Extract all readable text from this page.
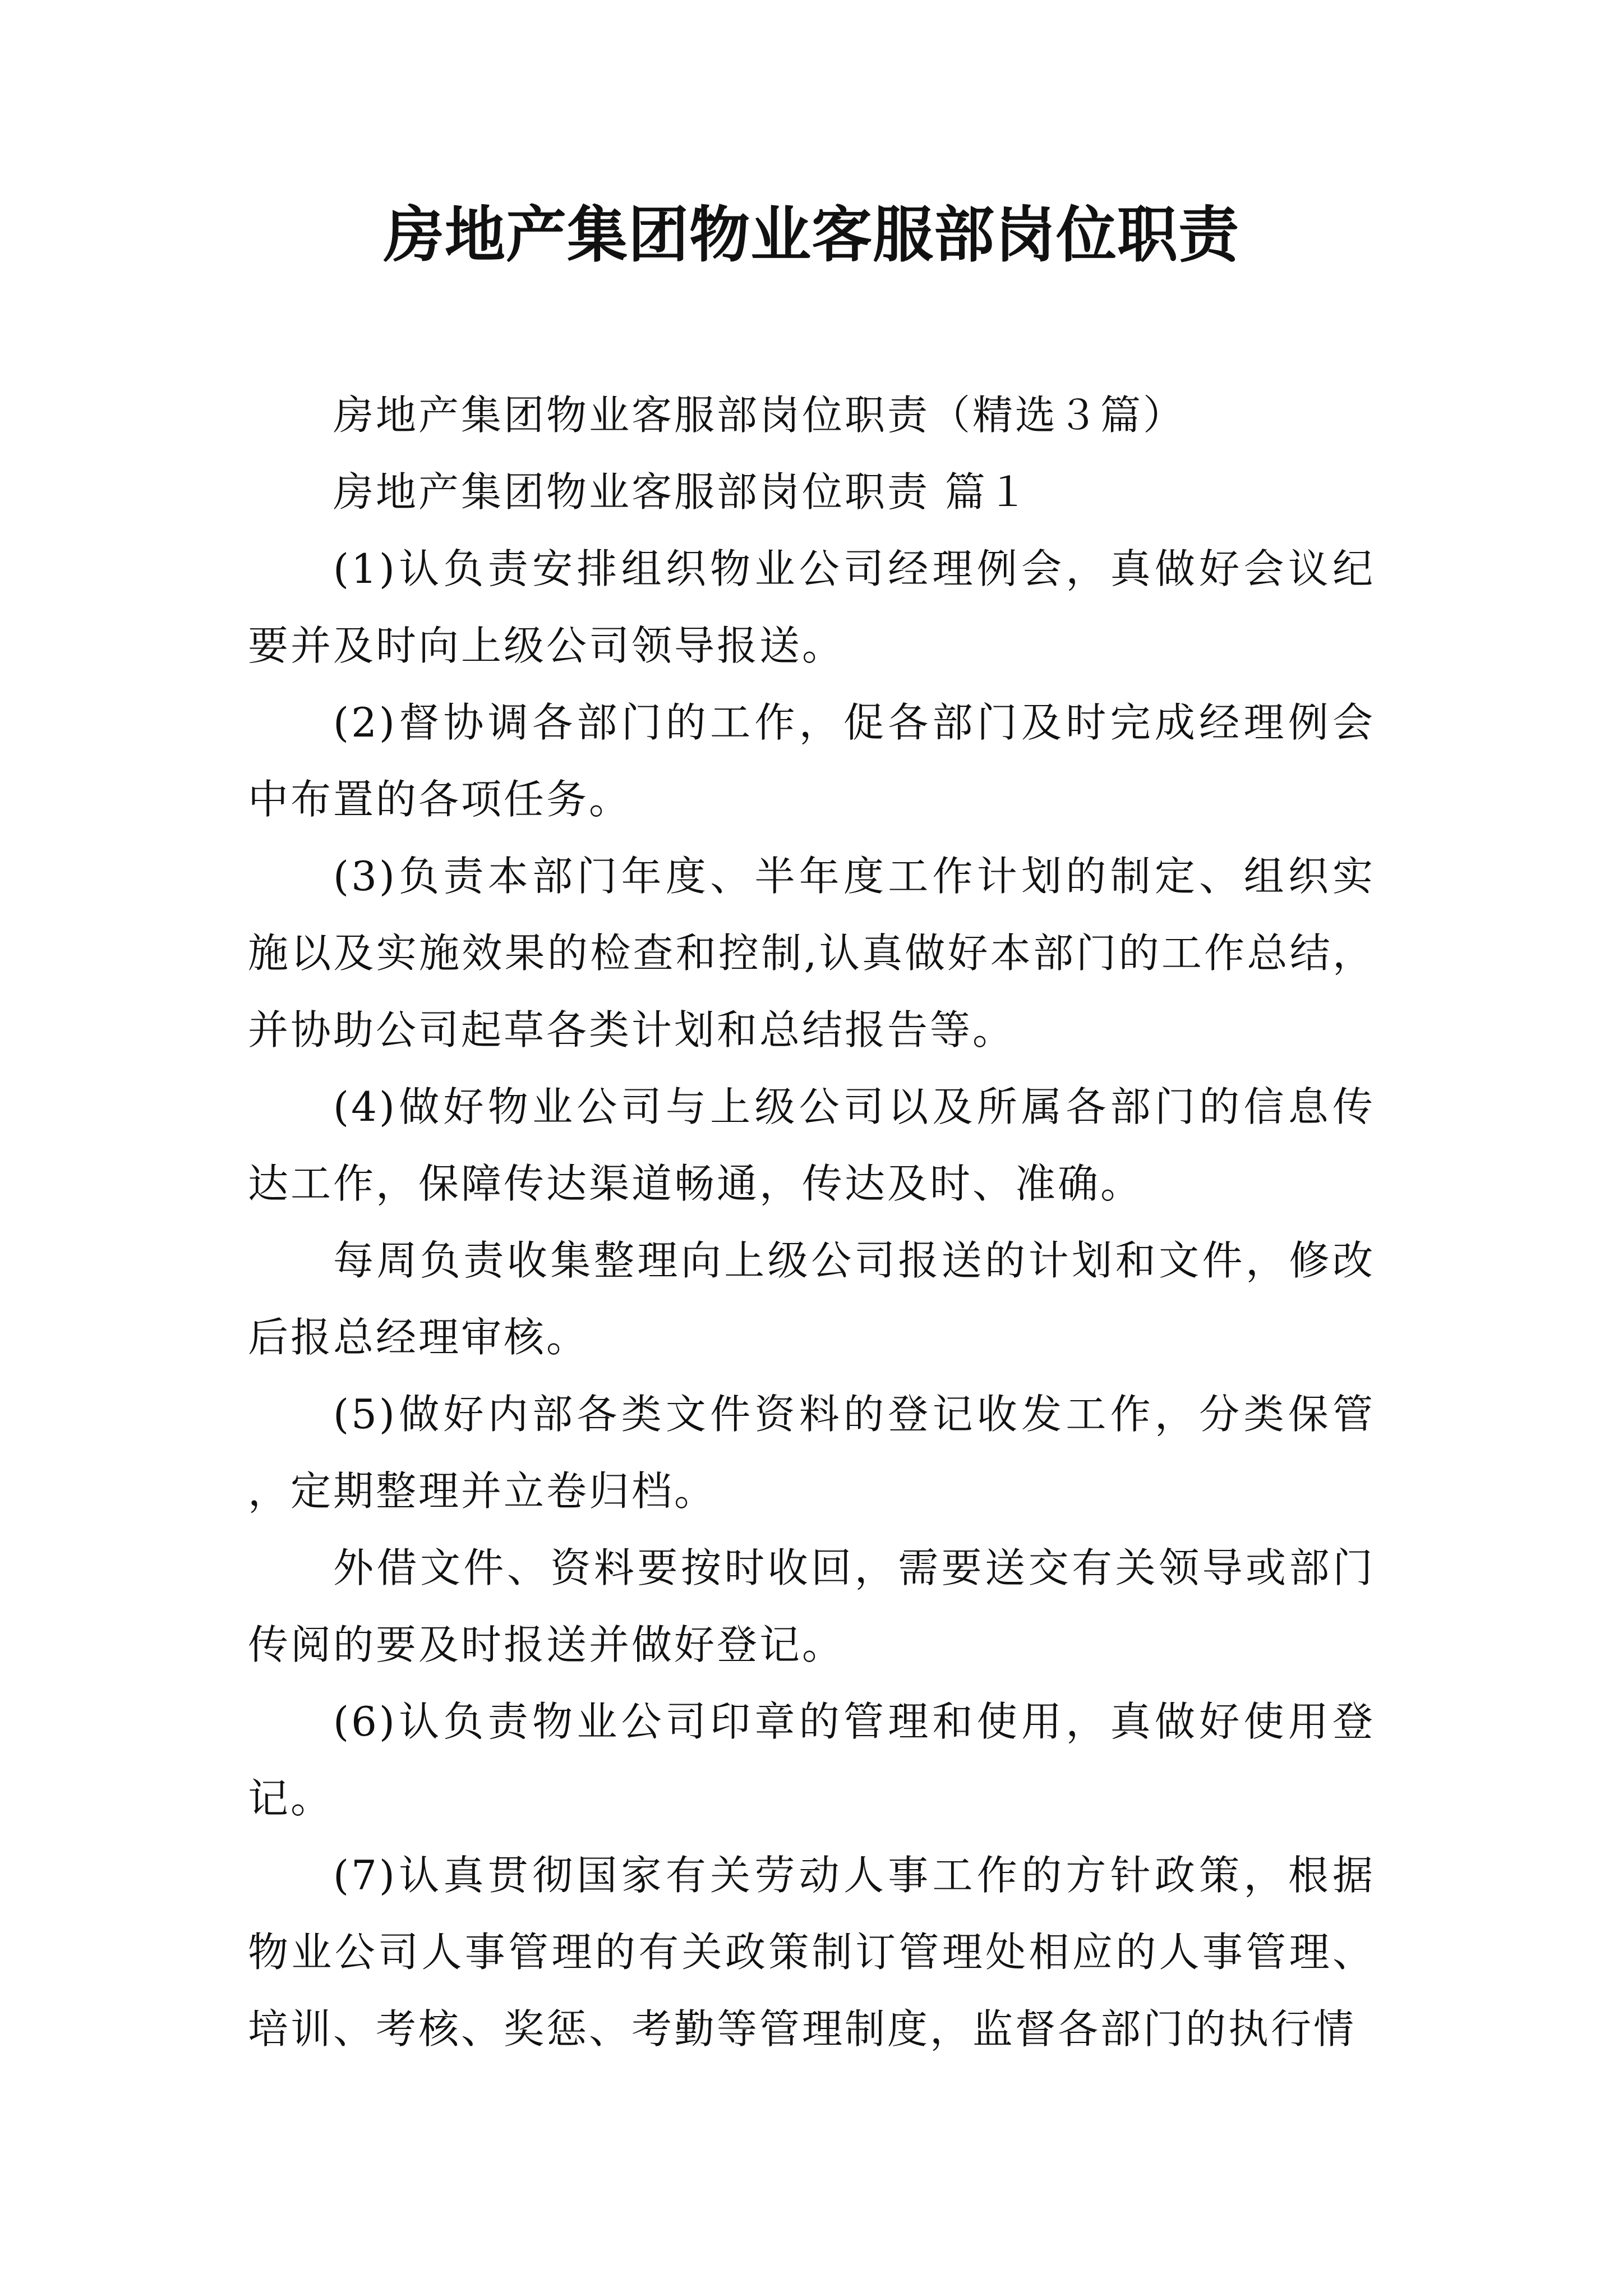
房地产集团物业客服部岗位职责

房地产集团物业客服部岗位职责（精选３篇）

房地产集团物业客服部岗位职责 篇１

(1)认负责安排组织物业公司经理例会，真做好会议纪要并及时向上级公司领导报送。

(2)督协调各部门的工作，促各部门及时完成经理例会中布置的各项任务。

(3)负责本部门年度、半年度工作计划的制定、组织实施以及实施效果的检查和控制,认真做好本部门的工作总结，并协助公司起草各类计划和总结报告等。

(4)做好物业公司与上级公司以及所属各部门的信息传达工作，保障传达渠道畅通，传达及时、准确。

每周负责收集整理向上级公司报送的计划和文件，修改后报总经理审核。

(5)做好内部各类文件资料的登记收发工作，分类保管，定期整理并立卷归档。

外借文件、资料要按时收回，需要送交有关领导或部门传阅的要及时报送并做好登记。

(6)认负责物业公司印章的管理和使用，真做好使用登记。

(7)认真贯彻国家有关劳动人事工作的方针政策，根据物业公司人事管理的有关政策制订管理处相应的人事管理、培训、考核、奖惩、考勤等管理制度，监督各部门的执行情
